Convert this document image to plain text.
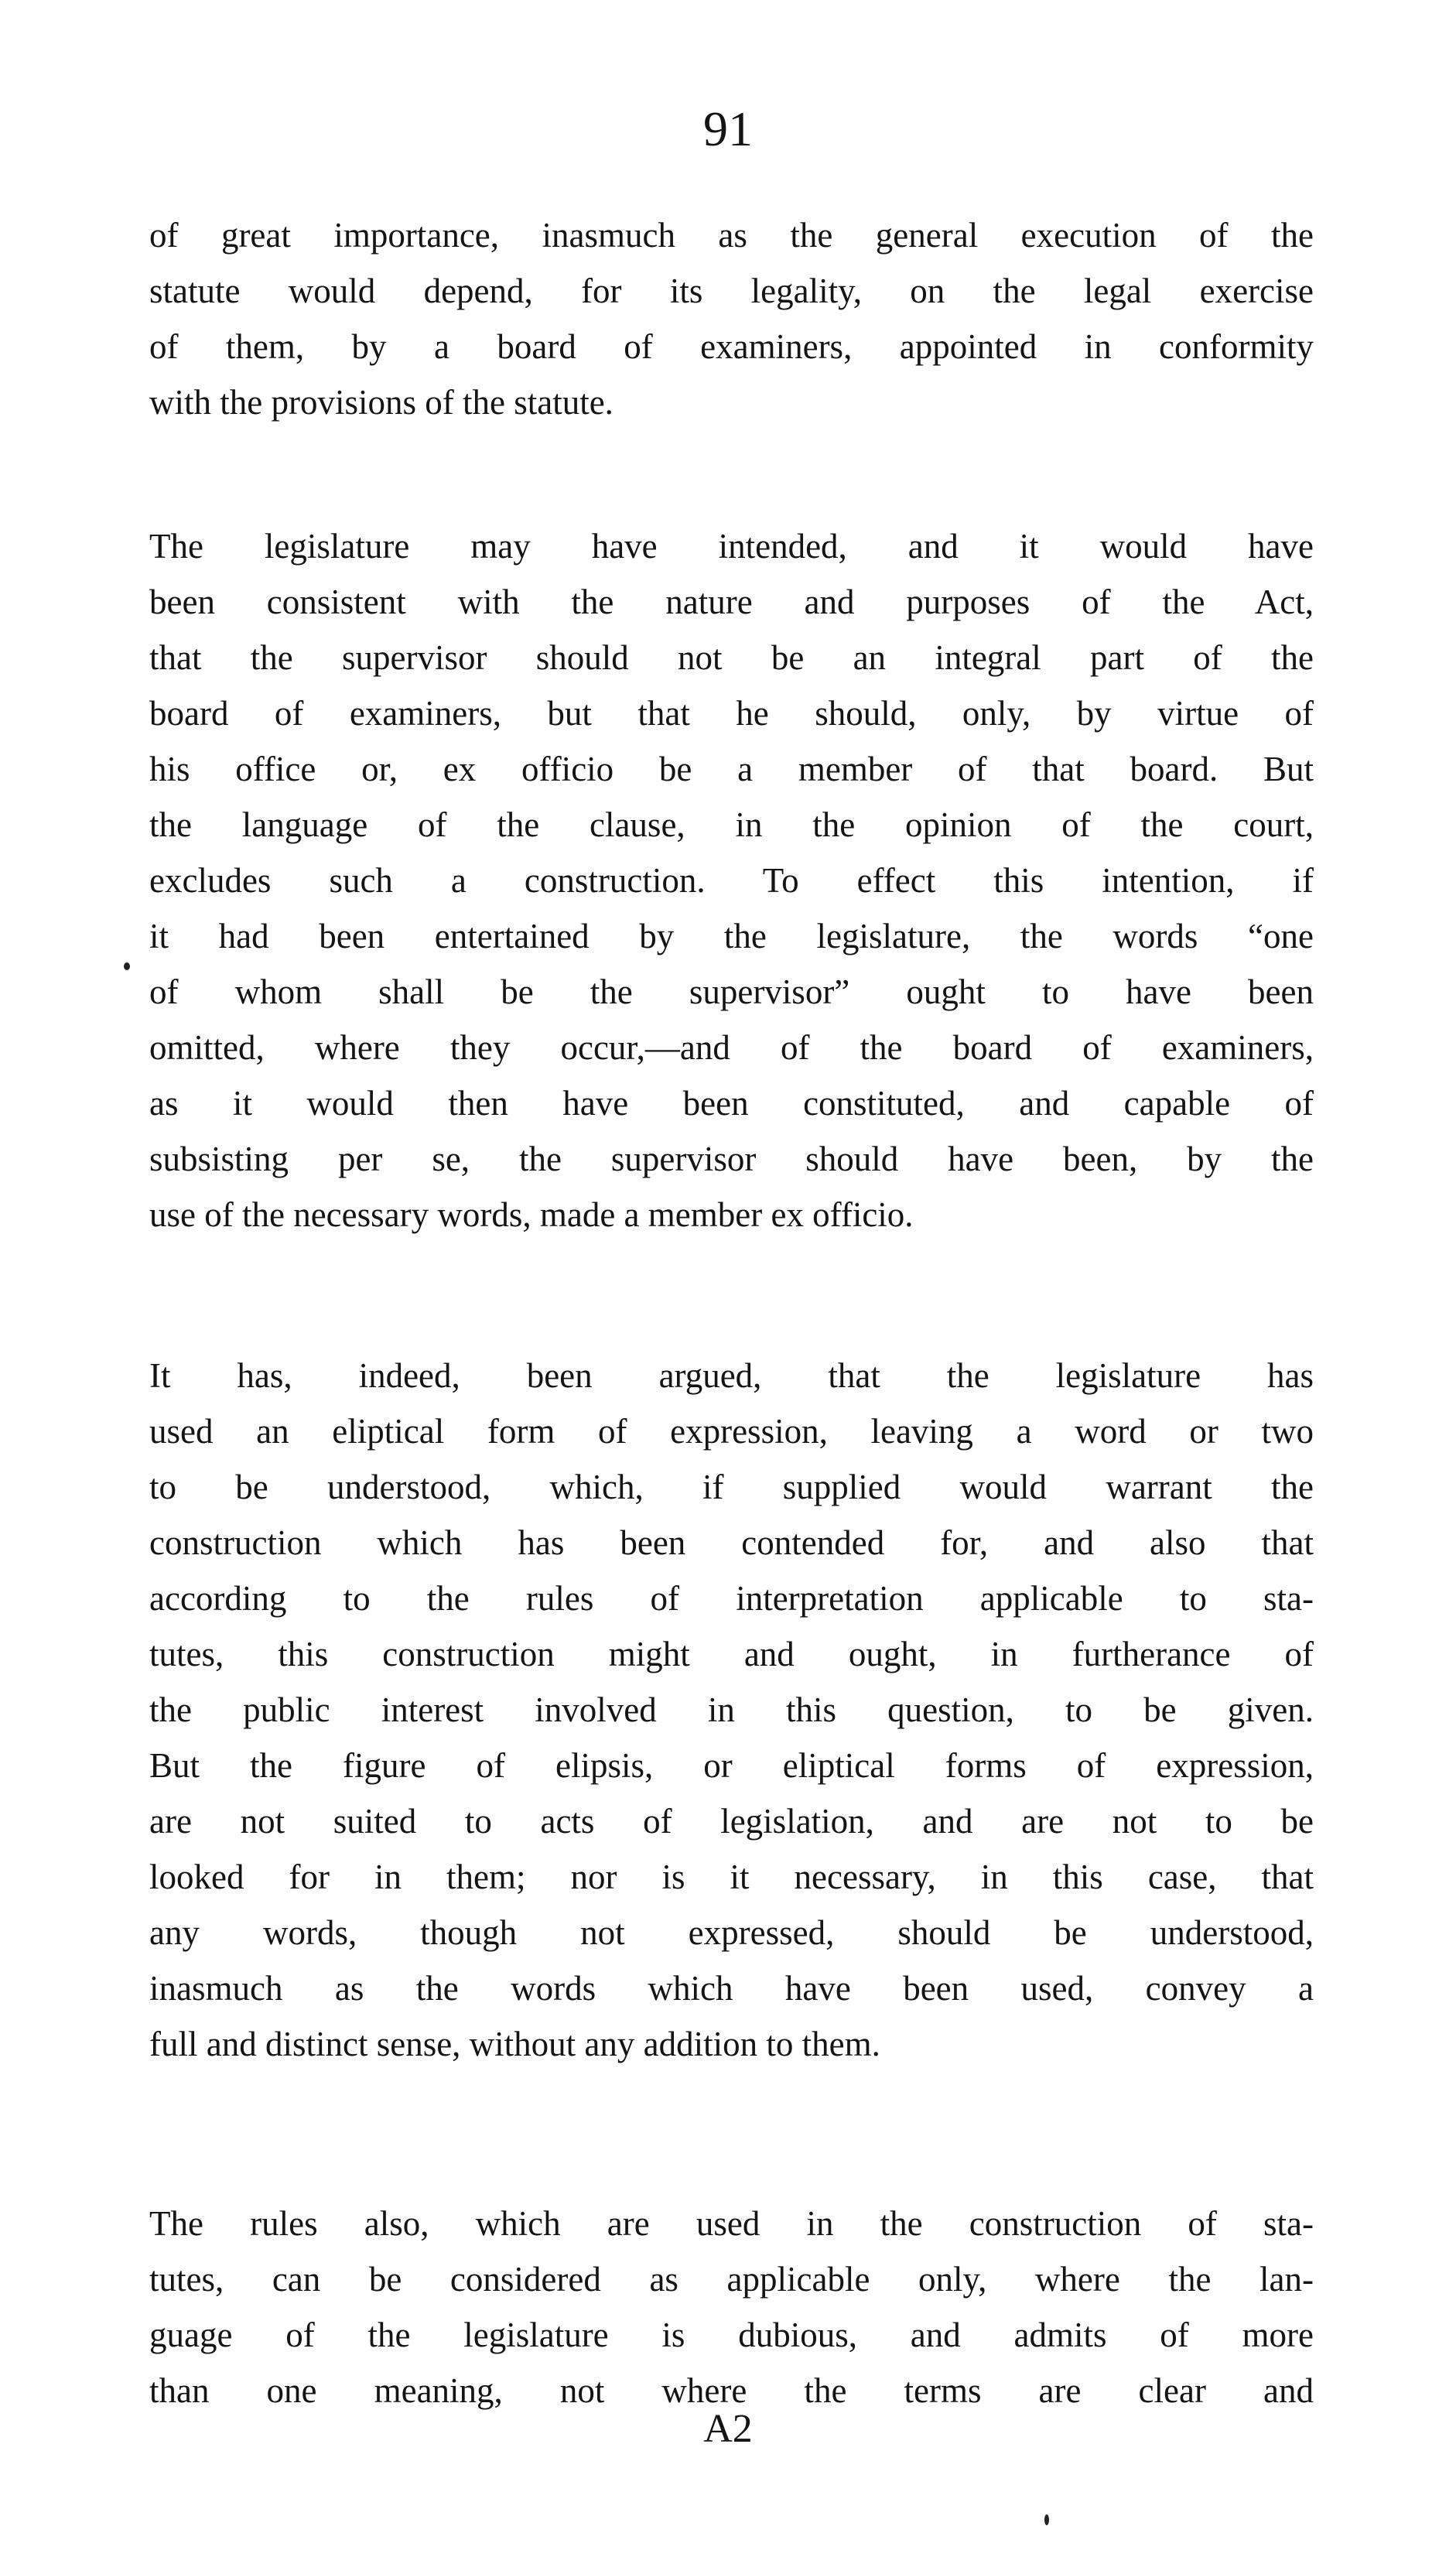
91
of great importance, inasmuch as the general execution of the
statute would depend, for its legality, on the legal exercise
of them, by a board of examiners, appointed in conformity
with the provisions of the statute.
The legislature may have intended, and it would have
been consistent with the nature and purposes of the Act,
that the supervisor should not be an integral part of the
board of examiners, but that he should, only, by virtue of
his office or, ex officio be a member of that board. But
the language of the clause, in the opinion of the court,
excludes such a construction. To effect this intention, if
it had been entertained by the legislature, the words “one
of whom shall be the supervisor” ought to have been
omitted, where they occur,—and of the board of examiners,
as it would then have been constituted, and capable of
subsisting per se, the supervisor should have been, by the
use of the necessary words, made a member ex officio.
It has, indeed, been argued, that the legislature has
used an eliptical form of expression, leaving a word or two
to be understood, which, if supplied would warrant the
construction which has been contended for, and also that
according to the rules of interpretation applicable to sta-
tutes, this construction might and ought, in furtherance of
the public interest involved in this question, to be given.
But the figure of elipsis, or eliptical forms of expression,
are not suited to acts of legislation, and are not to be
looked for in them; nor is it necessary, in this case, that
any words, though not expressed, should be understood,
inasmuch as the words which have been used, convey a
full and distinct sense, without any addition to them.
The rules also, which are used in the construction of sta-
tutes, can be considered as applicable only, where the lan-
guage of the legislature is dubious, and admits of more
than one meaning, not where the terms are clear and
A2
